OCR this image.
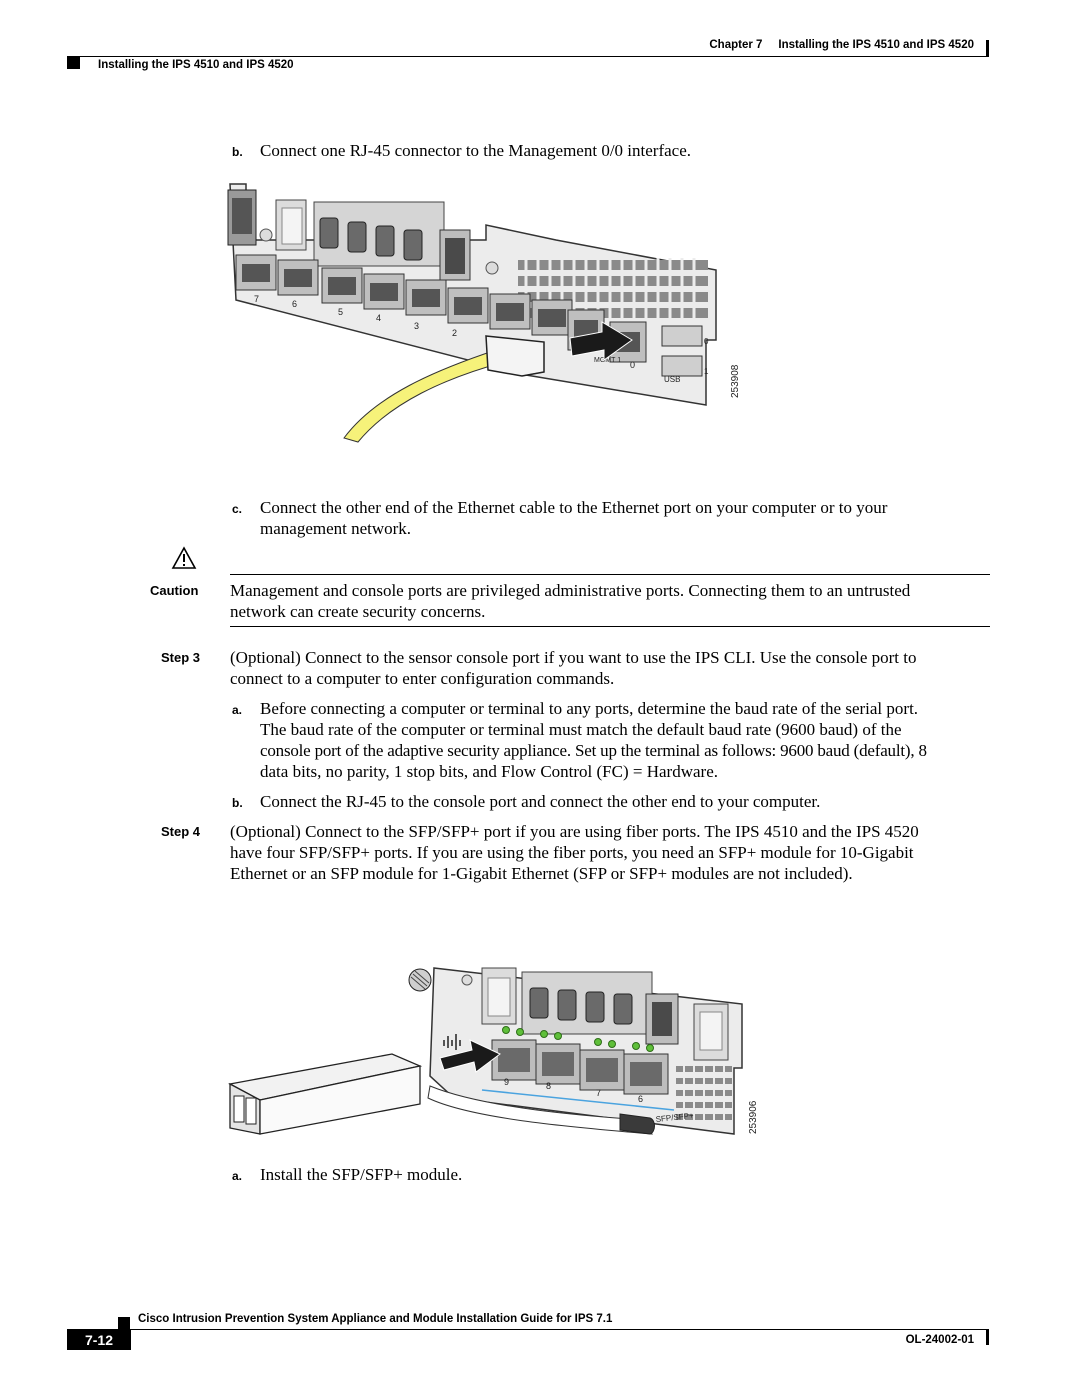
Chapter 7 Installing the IPS 4510 and IPS 4520
Installing the IPS 4510 and IPS 4520
b. Connect one RJ-45 connector to the Management 0/0 interface.
7	6
5
4
3
2
MGMT 1 0
USB
0
1 253908
c. Connect the other end of the Ethernet cable to the Ethernet port on your computer or to your
management network.
Caution Management and console ports are privileged administrative ports. Connecting them to an untrusted
network can create security concerns.
Step 3 (Optional) Connect to the sensor console port if you want to use the IPS CLI. Use the console port to
connect to a computer to enter configuration commands.
a. Before connecting a computer or terminal to any ports, determine the baud rate of the serial port.
The baud rate of the computer or terminal must match the default baud rate (9600 baud) of the
console port of the adaptive security appliance. Set up the terminal as follows: 9600 baud (default), 8
data bits, no parity, 1 stop bits, and Flow Control (FC) = Hardware.
b. Connect the RJ-45 to the console port and connect the other end to your computer.
Step 4 (Optional) Connect to the SFP/SFP+ port if you are using fiber ports. The IPS 4510 and the IPS 4520
have four SFP/SFP+ ports. If you are using the fiber ports, you need an SFP+ module for 10-Gigabit
Ethernet or an SFP module for 1-Gigabit Ethernet (SFP or SFP+ modules are not included).
9	8
7
6
SFP/SFP+	253906
a. Install the SFP/SFP+ module.
Cisco Intrusion Prevention System Appliance and Module Installation Guide for IPS 7.1
7-12	OL-24002-01
